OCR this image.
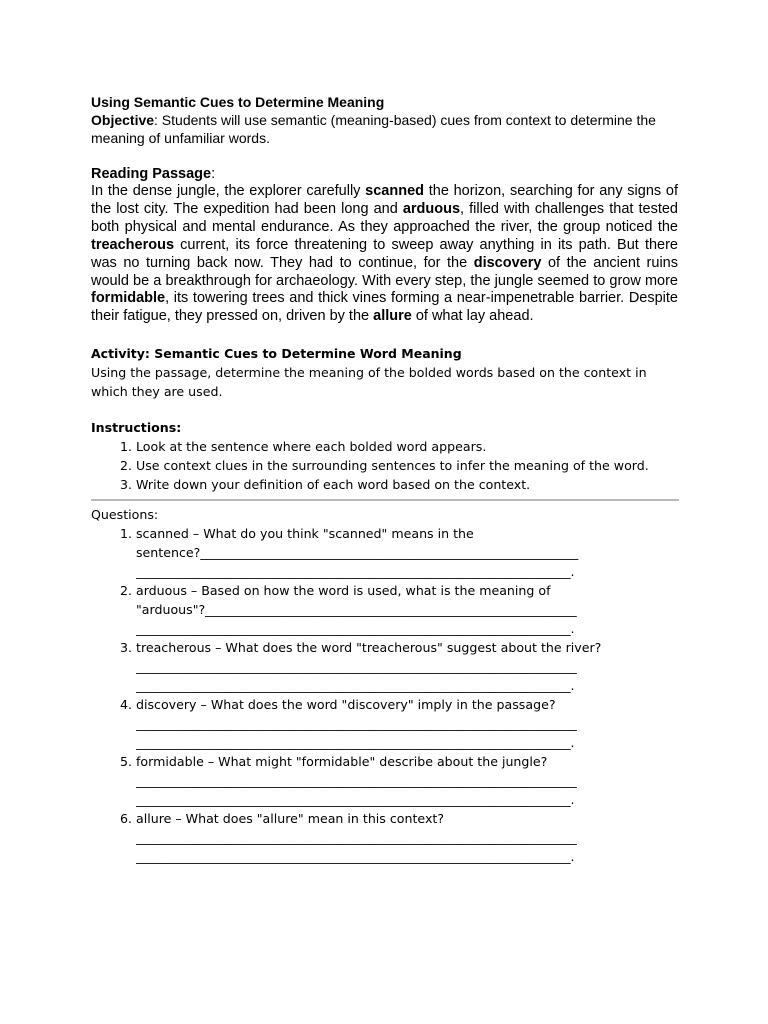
Using Semantic Cues to Determine Meaning

Objective: Students will use semantic (meaning-based) cues from context to determine the meaning of unfamiliar words.

Reading Passage:

In the dense jungle, the explorer carefully scanned the horizon, searching for any signs of the lost city. The expedition had been long and arduous, filled with challenges that tested both physical and mental endurance. As they approached the river, the group noticed the treacherous current, its force threatening to sweep away anything in its path. But there was no turning back now. They had to continue, for the discovery of the ancient ruins would be a breakthrough for archaeology. With every step, the jungle seemed to grow more formidable, its towering trees and thick vines forming a near-impenetrable barrier. Despite their fatigue, they pressed on, driven by the allure of what lay ahead.

Activity: Semantic Cues to Determine Word Meaning

Using the passage, determine the meaning of the bolded words based on the context in which they are used.

Instructions:
1. Look at the sentence where each bolded word appears.
2. Use context clues in the surrounding sentences to infer the meaning of the word.
3. Write down your definition of each word based on the context.
Questions:
1. scanned – What do you think "scanned" means in the
sentence?____________________________________________________________
_____________________________________________________________________.
2. arduous – Based on how the word is used, what is the meaning of
"arduous"?___________________________________________________________
_____________________________________________________________________.
3. treacherous – What does the word "treacherous" suggest about the river?
______________________________________________________________________
_____________________________________________________________________.
4. discovery – What does the word "discovery" imply in the passage?
______________________________________________________________________
_____________________________________________________________________.
5. formidable – What might "formidable" describe about the jungle?
______________________________________________________________________
_____________________________________________________________________.
6. allure – What does "allure" mean in this context?
______________________________________________________________________
_____________________________________________________________________.
